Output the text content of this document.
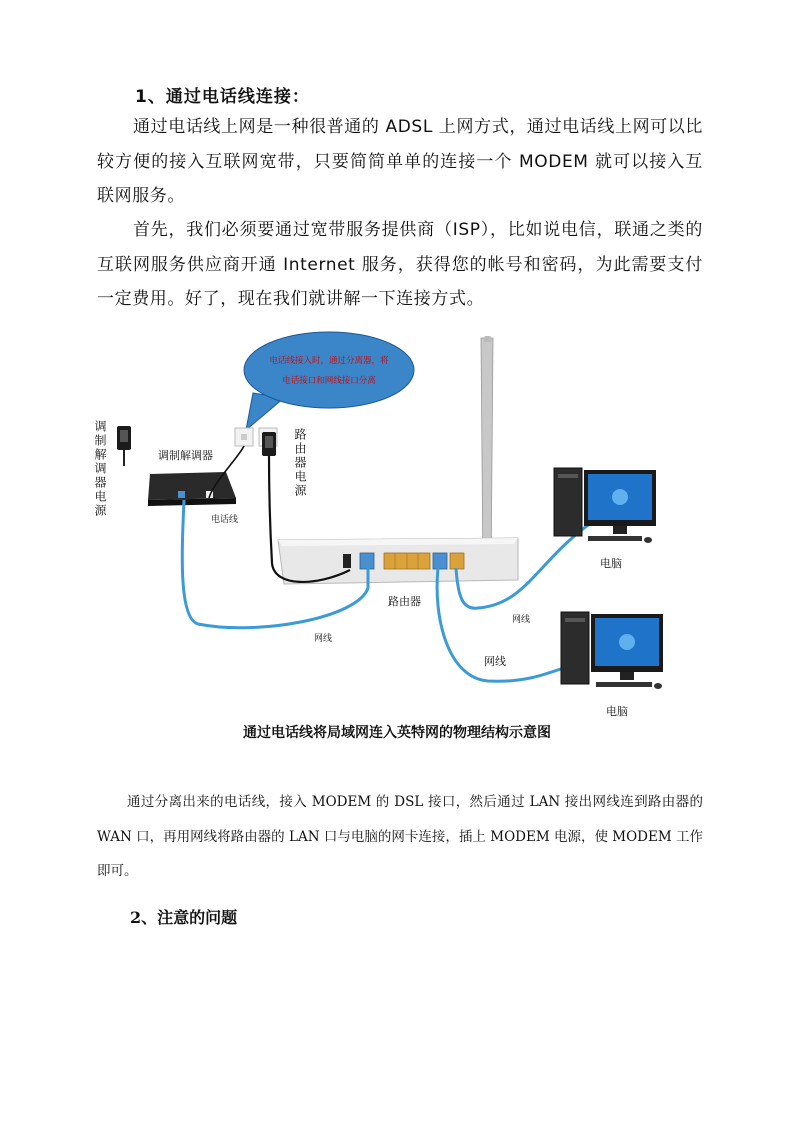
1、通过电话线连接：
通过电话线上网是一种很普通的 ADSL 上网方式，通过电话线上网可以比较方便的接入互联网宽带，只要简简单单的连接一个 MODEM 就可以接入互联网服务。
首先，我们必须要通过宽带服务提供商（ISP），比如说电信，联通之类的互联网服务供应商开通 Internet 服务，获得您的帐号和密码，为此需要支付一定费用。好了，现在我们就讲解一下连接方式。
电话线接入时，通过分离器，将
电话接口和网线接口分离
路由器
调制解调器
电话线
调制解调器电源	路由器电源
网线
网线
网线
电脑
电脑
通过电话线将局域网连入英特网的物理结构示意图
通过分离出来的电话线，接入 MODEM 的 DSL 接口，然后通过 LAN 接出网线连到路由器的 WAN 口，再用网线将路由器的 LAN 口与电脑的网卡连接，插上 MODEM 电源，使 MODEM 工作即可。
2、注意的问题
